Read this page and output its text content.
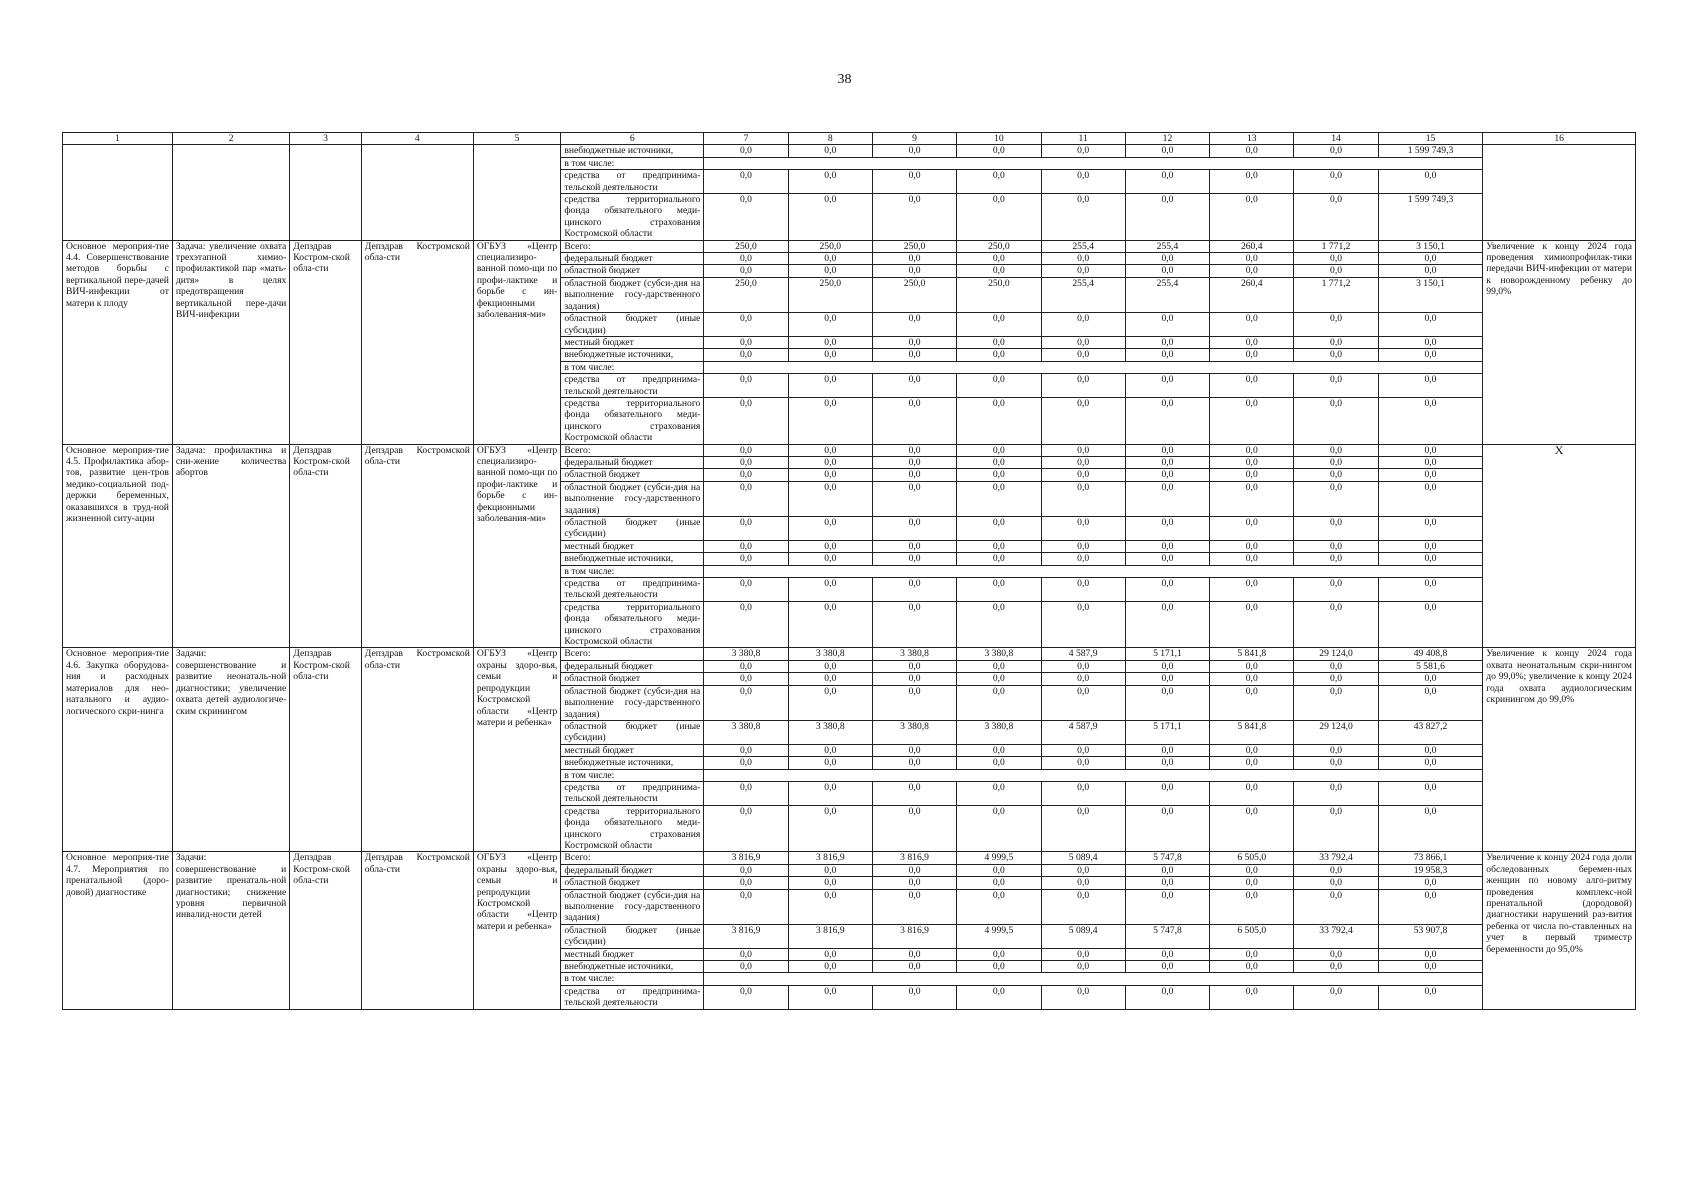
38
1	2	3	4	5	6	7	8	9	10	11	12	13	14	15	16
					внебюджетные источники,	0,0	0,0	0,0	0,0	0,0	0,0	0,0	0,0	1 599 749,3	
					в том числе:										
					средства от предпринима-тельской деятельности	0,0	0,0	0,0	0,0	0,0	0,0	0,0	0,0	0,0	
					средства территориального фонда обязательного меди-цинского страхования Костромской области	0,0	0,0	0,0	0,0	0,0	0,0	0,0	0,0	1 599 749,3	
Основное мероприя-тие 4.4. Совершенствование методов борьбы с вертикальной пере-дачей ВИЧ-инфекции от матери к плоду	Задача: увеличение охвата трехэтапной химио-профилактикой пар «мать-дитя» в целях предотвращения вертикальной пере-дачи ВИЧ-инфекции	Депздрав Костром-ской обла-сти	Депздрав Костромской обла-сти	ОГБУЗ «Центр специализиро-ванной помо-щи по профи-лактике и борьбе с ин-фекционными заболевания-ми»	Всего:	250,0	250,0	250,0	250,0	255,4	255,4	260,4	1 771,2	3 150,1	Увеличение к концу 2024 года проведения химиопрофилак-тики передачи ВИЧ-инфекции от матери к новорожденному ребенку до 99,0%
					федеральный бюджет	0,0	0,0	0,0	0,0	0,0	0,0	0,0	0,0	0,0	
					областной бюджет	0,0	0,0	0,0	0,0	0,0	0,0	0,0	0,0	0,0	
					областной бюджет (субси-дия на выполнение госу-дарственного задания)	250,0	250,0	250,0	250,0	255,4	255,4	260,4	1 771,2	3 150,1	
					областной бюджет (иные субсидии)	0,0	0,0	0,0	0,0	0,0	0,0	0,0	0,0	0,0	
					местный бюджет	0,0	0,0	0,0	0,0	0,0	0,0	0,0	0,0	0,0	
					внебюджетные источники,	0,0	0,0	0,0	0,0	0,0	0,0	0,0	0,0	0,0	
					в том числе:										
					средства от предпринима-тельской деятельности	0,0	0,0	0,0	0,0	0,0	0,0	0,0	0,0	0,0	
					средства территориального фонда обязательного меди-цинского страхования Костромской области	0,0	0,0	0,0	0,0	0,0	0,0	0,0	0,0	0,0	
Основное мероприя-тие 4.5. Профилактика абор-тов, развитие цен-тров медико-социальной под-держки беременных, оказавшихся в труд-ной жизненной ситу-ации	Задача: профилактика и сни-жение количества абортов	Депздрав Костром-ской обла-сти	Депздрав Костромской обла-сти	ОГБУЗ «Центр специализиро-ванной помо-щи по профи-лактике и борьбе с ин-фекционными заболевания-ми»	Всего:	0,0	0,0	0,0	0,0	0,0	0,0	0,0	0,0	0,0	X
					федеральный бюджет	0,0	0,0	0,0	0,0	0,0	0,0	0,0	0,0	0,0	
					областной бюджет	0,0	0,0	0,0	0,0	0,0	0,0	0,0	0,0	0,0	
					областной бюджет (субси-дия на выполнение госу-дарственного задания)	0,0	0,0	0,0	0,0	0,0	0,0	0,0	0,0	0,0	
					областной бюджет (иные субсидии)	0,0	0,0	0,0	0,0	0,0	0,0	0,0	0,0	0,0	
					местный бюджет	0,0	0,0	0,0	0,0	0,0	0,0	0,0	0,0	0,0	
					внебюджетные источники,	0,0	0,0	0,0	0,0	0,0	0,0	0,0	0,0	0,0	
					в том числе:										
					средства от предпринима-тельской деятельности	0,0	0,0	0,0	0,0	0,0	0,0	0,0	0,0	0,0	
					средства территориального фонда обязательного меди-цинского страхования Костромской области	0,0	0,0	0,0	0,0	0,0	0,0	0,0	0,0	0,0	
Основное мероприя-тие 4.6. Закупка оборудова-ния и расходных материалов для нео-натального и аудио-логического скри-нинга	Задачи: совершенствование и развитие неонаталь-ной диагностики; увеличение охвата детей аудиологиче-ским скринингом	Депздрав Костром-ской обла-сти	Депздрав Костромской обла-сти	ОГБУЗ «Центр охраны здоро-вья, семьи и репродукции Костромской области «Центр матери и ребенка»	Всего:	3 380,8	3 380,8	3 380,8	3 380,8	4 587,9	5 171,1	5 841,8	29 124,0	49 408,8	Увеличение к концу 2024 года охвата неонатальным скри-нингом до 99,0%; увеличение к концу 2024 года охвата аудиологическим скринингом до 99,0%
					федеральный бюджет	0,0	0,0	0,0	0,0	0,0	0,0	0,0	0,0	5 581,6	
					областной бюджет	0,0	0,0	0,0	0,0	0,0	0,0	0,0	0,0	0,0	
					областной бюджет (субси-дия на выполнение госу-дарственного задания)	0,0	0,0	0,0	0,0	0,0	0,0	0,0	0,0	0,0	
					областной бюджет (иные субсидии)	3 380,8	3 380,8	3 380,8	3 380,8	4 587,9	5 171,1	5 841,8	29 124,0	43 827,2	
					местный бюджет	0,0	0,0	0,0	0,0	0,0	0,0	0,0	0,0	0,0	
					внебюджетные источники,	0,0	0,0	0,0	0,0	0,0	0,0	0,0	0,0	0,0	
					в том числе:										
					средства от предпринима-тельской деятельности	0,0	0,0	0,0	0,0	0,0	0,0	0,0	0,0	0,0	
					средства территориального фонда обязательного меди-цинского страхования Костромской области	0,0	0,0	0,0	0,0	0,0	0,0	0,0	0,0	0,0	
Основное мероприя-тие 4.7. Мероприятия по пренатальной (доро-довой) диагностике	Задачи: совершенствование и развитие пренаталь-ной диагностики; снижение уровня первичной инвалид-ности детей	Депздрав Костром-ской обла-сти	Депздрав Костромской обла-сти	ОГБУЗ «Центр охраны здоро-вья, семьи и репродукции Костромской области «Центр матери и ребенка»	Всего:	3 816,9	3 816,9	3 816,9	4 999,5	5 089,4	5 747,8	6 505,0	33 792,4	73 866,1	Увеличение к концу 2024 года доли обследованных беремен-ных женщин по новому алго-ритму проведения комплекс-ной пренатальной (дородовой) диагностики нарушений раз-вития ребенка от числа по-ставленных на учет в первый триместр беременности до 95,0%
					федеральный бюджет	0,0	0,0	0,0	0,0	0,0	0,0	0,0	0,0	19 958,3	
					областной бюджет	0,0	0,0	0,0	0,0	0,0	0,0	0,0	0,0	0,0	
					областной бюджет (субси-дия на выполнение госу-дарственного задания)	0,0	0,0	0,0	0,0	0,0	0,0	0,0	0,0	0,0	
					областной бюджет (иные субсидии)	3 816,9	3 816,9	3 816,9	4 999,5	5 089,4	5 747,8	6 505,0	33 792,4	53 907,8	
					местный бюджет	0,0	0,0	0,0	0,0	0,0	0,0	0,0	0,0	0,0	
					внебюджетные источники,	0,0	0,0	0,0	0,0	0,0	0,0	0,0	0,0	0,0	
					в том числе:										
					средства от предпринима-тельской деятельности	0,0	0,0	0,0	0,0	0,0	0,0	0,0	0,0	0,0	
